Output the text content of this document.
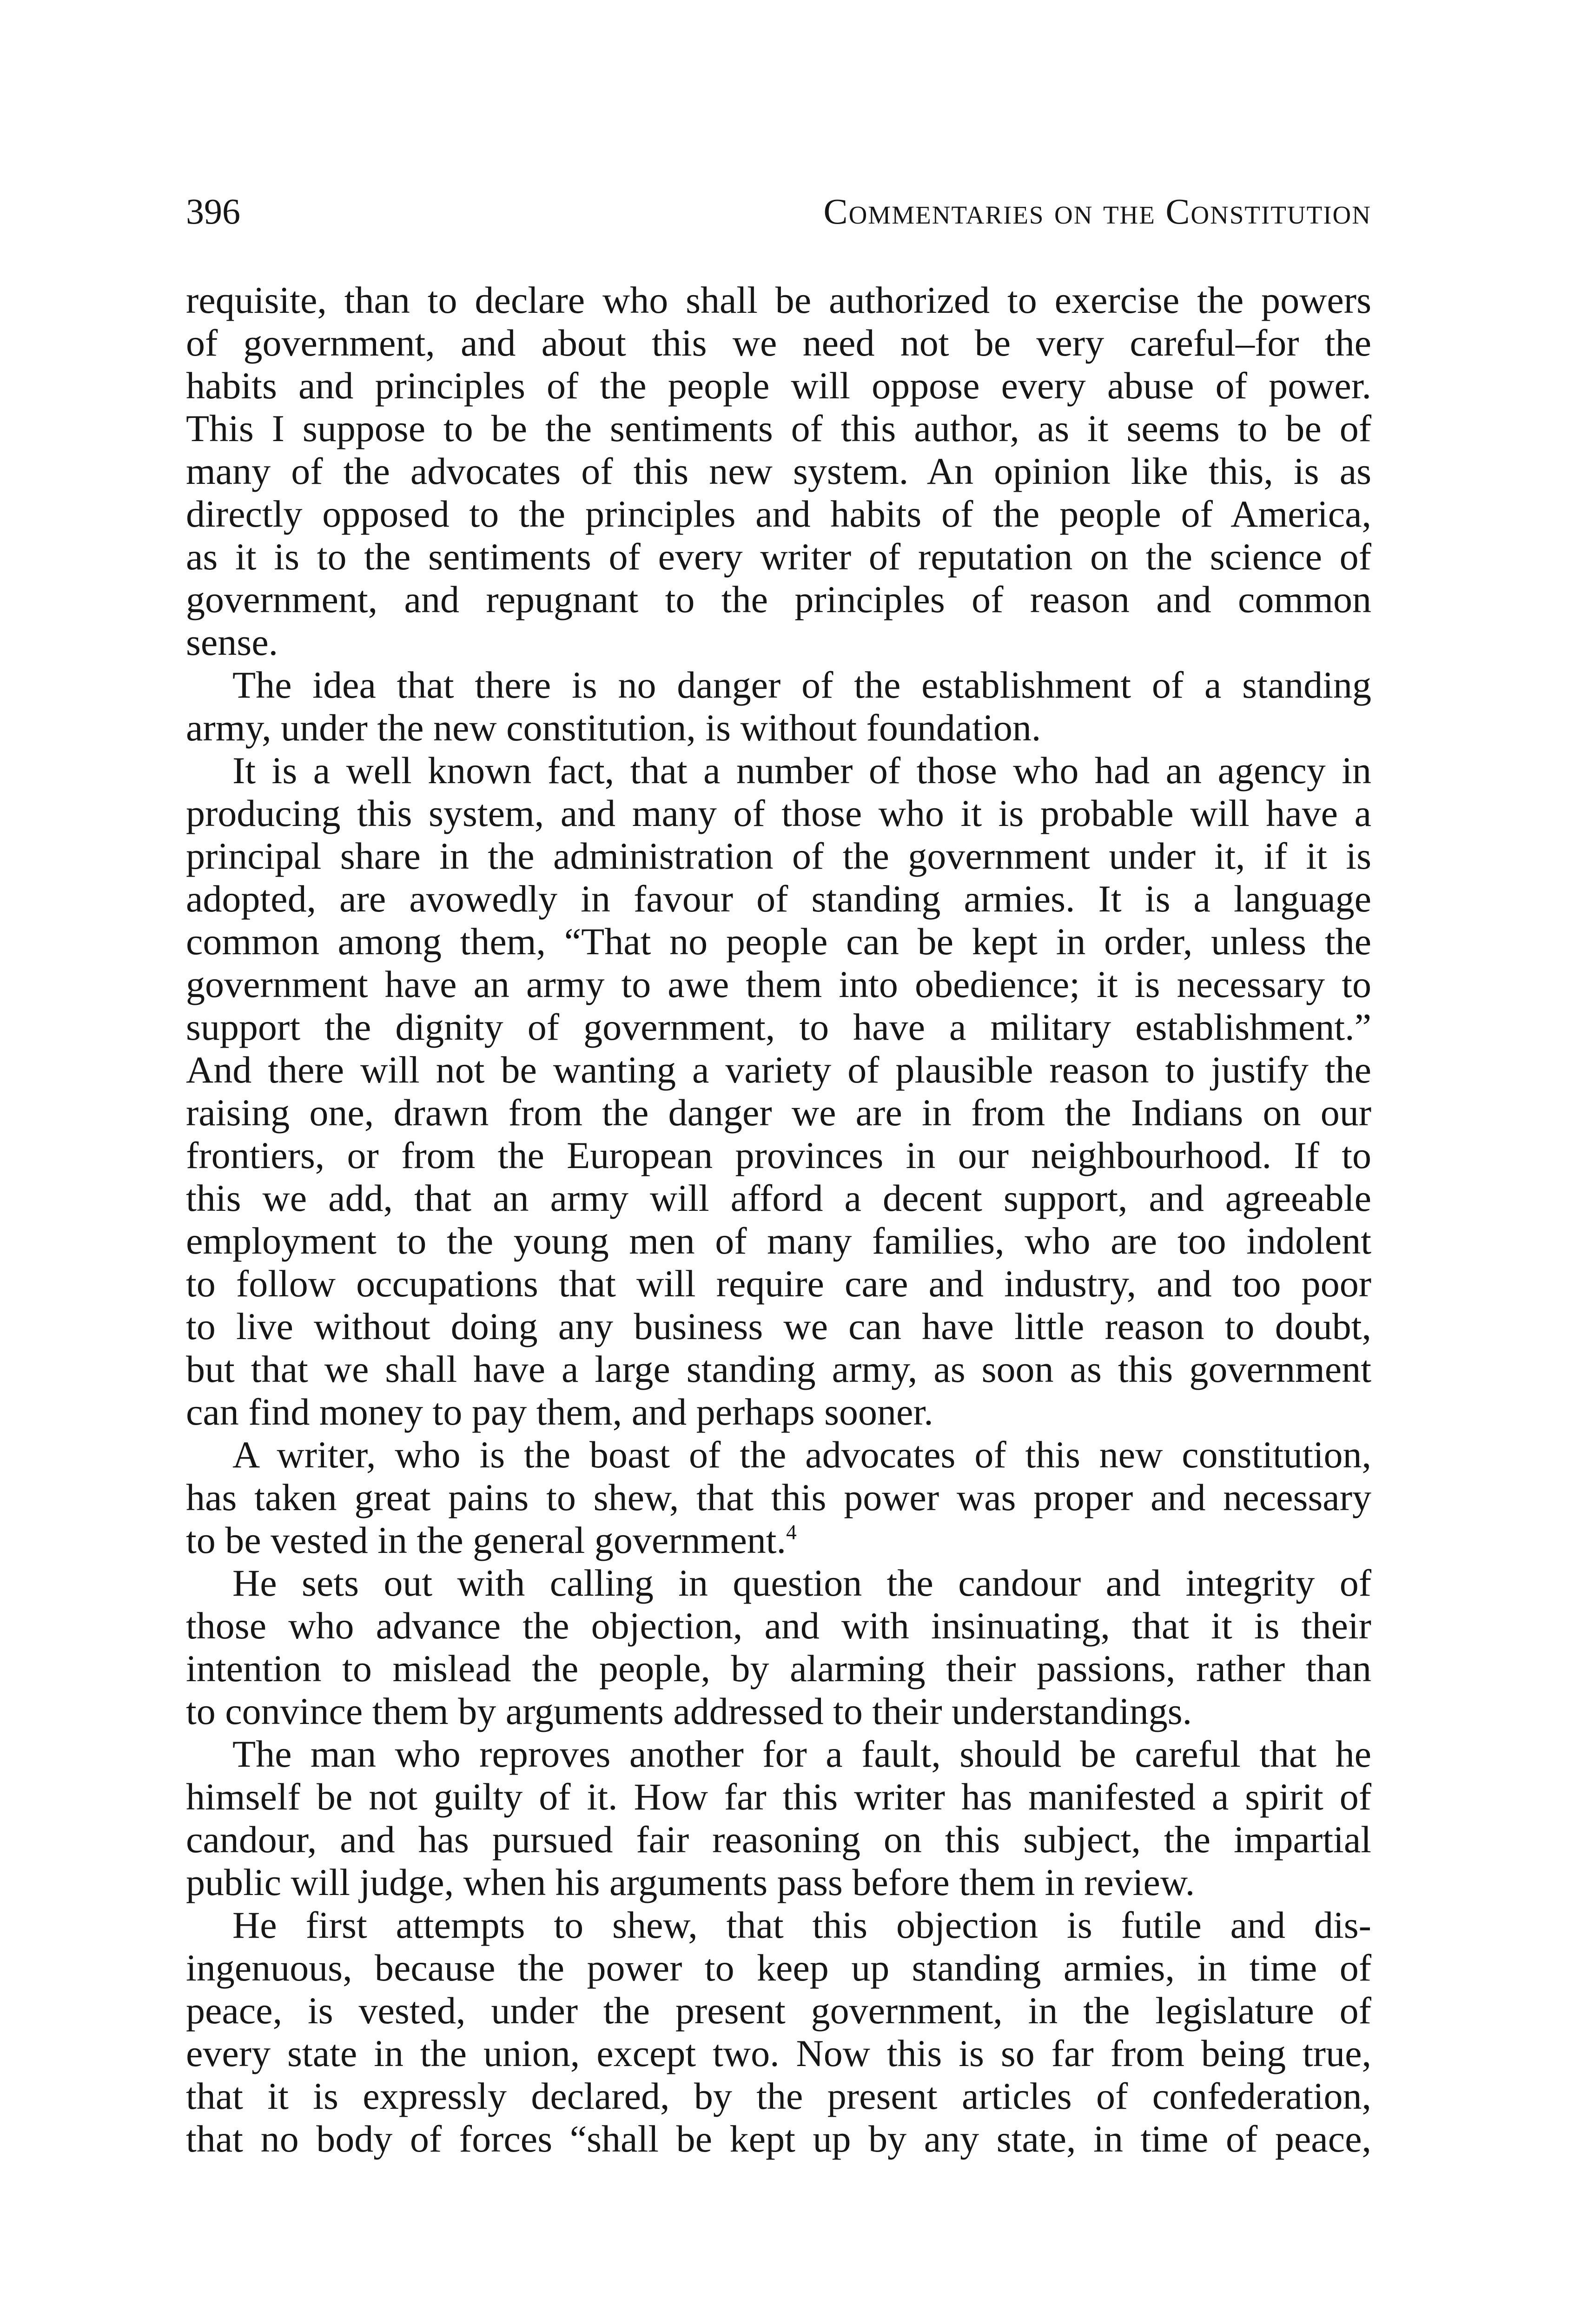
396	Commentaries on the Constitution
requisite, than to declare who shall be authorized to exercise the powers
of government, and about this we need not be very careful–for the
habits and principles of the people will oppose every abuse of power.
This I suppose to be the sentiments of this author, as it seems to be of
many of the advocates of this new system. An opinion like this, is as
directly opposed to the principles and habits of the people of America,
as it is to the sentiments of every writer of reputation on the science of
government, and repugnant to the principles of reason and common
sense.
The idea that there is no danger of the establishment of a standing
army, under the new constitution, is without foundation.
It is a well known fact, that a number of those who had an agency in
producing this system, and many of those who it is probable will have a
principal share in the administration of the government under it, if it is
adopted, are avowedly in favour of standing armies. It is a language
common among them, “That no people can be kept in order, unless the
government have an army to awe them into obedience; it is necessary to
support the dignity of government, to have a military establishment.”
And there will not be wanting a variety of plausible reason to justify the
raising one, drawn from the danger we are in from the Indians on our
frontiers, or from the European provinces in our neighbourhood. If to
this we add, that an army will afford a decent support, and agreeable
employment to the young men of many families, who are too indolent
to follow occupations that will require care and industry, and too poor
to live without doing any business we can have little reason to doubt,
but that we shall have a large standing army, as soon as this government
can find money to pay them, and perhaps sooner.
A writer, who is the boast of the advocates of this new constitution,
has taken great pains to shew, that this power was proper and necessary
to be vested in the general government.$^4$
He sets out with calling in question the candour and integrity of
those who advance the objection, and with insinuating, that it is their
intention to mislead the people, by alarming their passions, rather than
to convince them by arguments addressed to their understandings.
The man who reproves another for a fault, should be careful that he
himself be not guilty of it. How far this writer has manifested a spirit of
candour, and has pursued fair reasoning on this subject, the impartial
public will judge, when his arguments pass before them in review.
He first attempts to shew, that this objection is futile and dis-
ingenuous, because the power to keep up standing armies, in time of
peace, is vested, under the present government, in the legislature of
every state in the union, except two. Now this is so far from being true,
that it is expressly declared, by the present articles of confederation,
that no body of forces “shall be kept up by any state, in time of peace,
